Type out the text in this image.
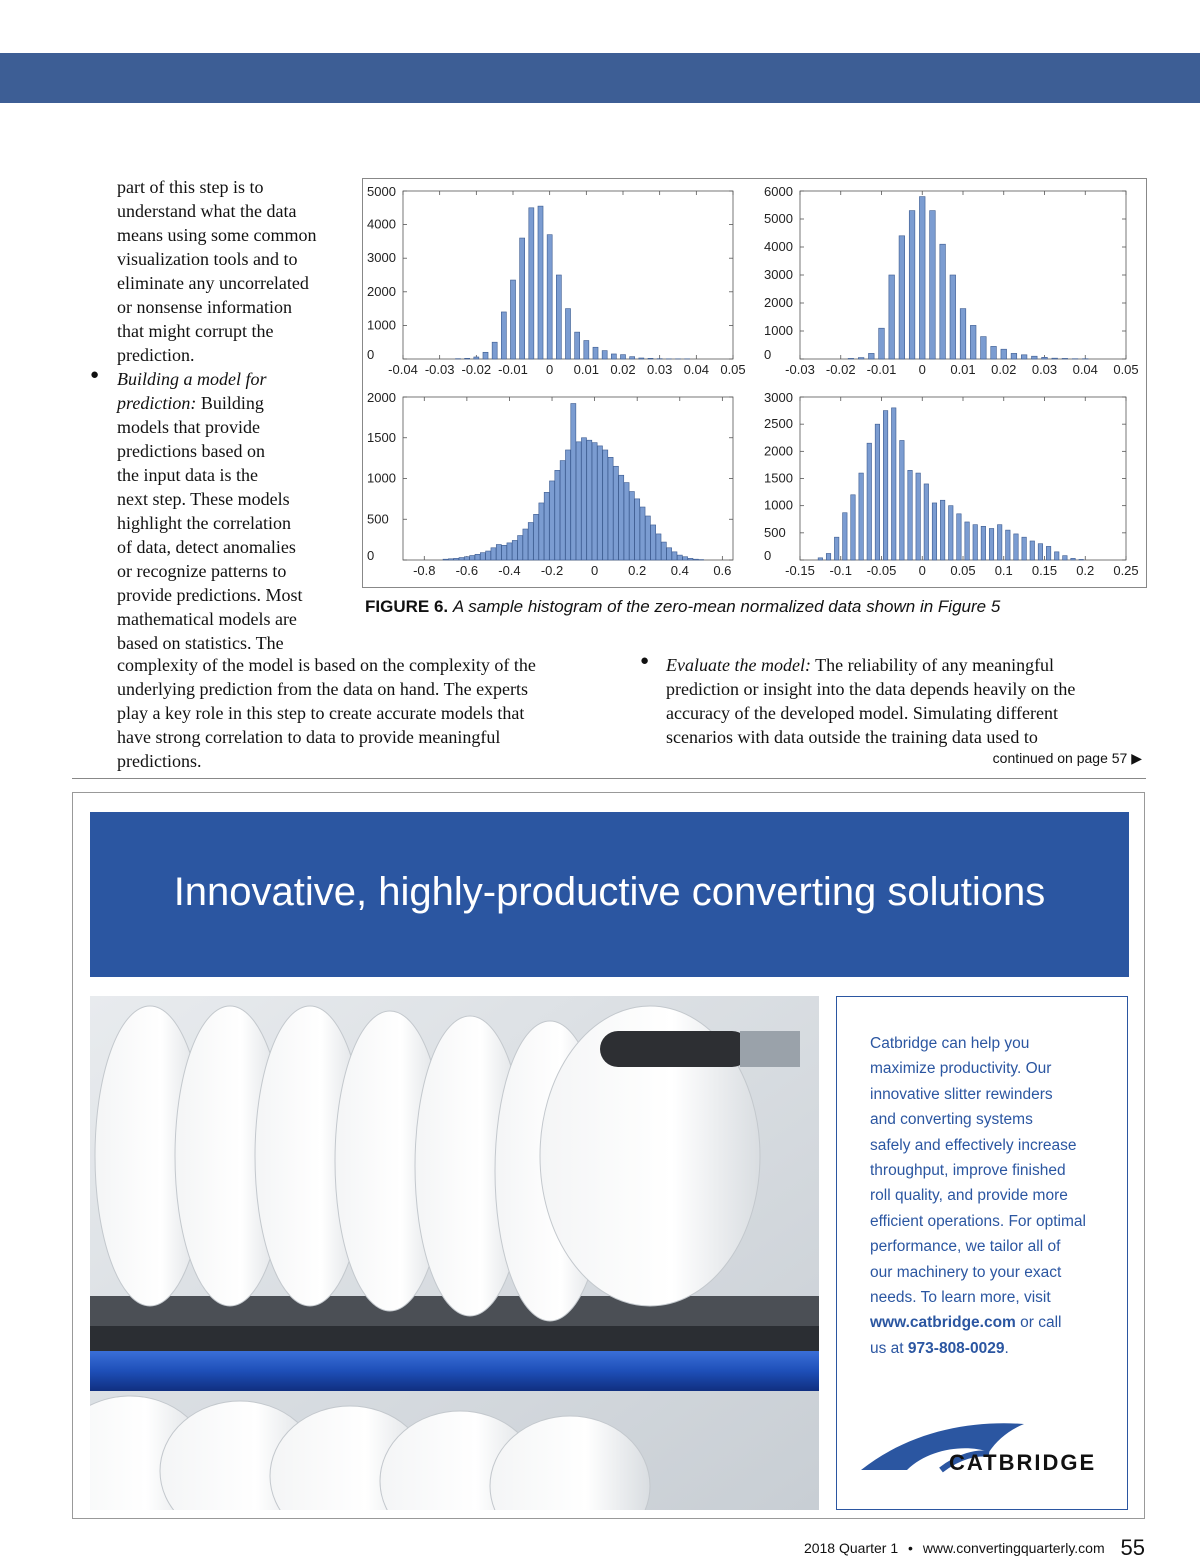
part of this step is to
understand what the data
means using some common
visualization tools and to
eliminate any uncorrelated
or nonsense information
that might corrupt the
prediction.
Building a model for
prediction: Building
models that provide
predictions based on
the input data is the
next step. These models
highlight the correlation
of data, detect anomalies
or recognize patterns to
provide predictions. Most
mathematical models are
based on statistics. The
●
0
1000
2000
3000
4000
5000
-0.04 -0.03 -0.02 -0.01 0 0.01 0.02 0.03 0.04 0.05
0
1000
2000
3000
4000
5000
6000
-0.03 -0.02 -0.01 0 0.01 0.02 0.03 0.04 0.05
0
500
1000
1500
2000
-0.8 -0.6 -0.4 -0.2 0 0.2 0.4 0.6
0
500
1000
1500
2000
2500
3000
-0.15 -0.1 -0.05 0 0.05 0.1 0.15 0.2 0.25
FIGURE 6. A sample histogram of the zero-mean normalized data shown in Figure 5
complexity of the model is based on the complexity of the
underlying prediction from the data on hand. The experts
play a key role in this step to create accurate models that
have strong correlation to data to provide meaningful
predictions.
● Evaluate the model: The reliability of any meaningful
prediction or insight into the data depends heavily on the
accuracy of the developed model. Simulating different
scenarios with data outside the training data used to
continued on page 57 ▶
Innovative, highly-productive converting solutions
Catbridge can help you
maximize productivity. Our
innovative slitter rewinders
and converting systems
safely and effectively increase
throughput, improve finished
roll quality, and provide more
efficient operations. For optimal
performance, we tailor all of
our machinery to your exact
needs. To learn more, visit
www.catbridge.com or call
us at 973-808-0029.
CATBRIDGE
2018 Quarter 1 • www.convertingquarterly.com 55
